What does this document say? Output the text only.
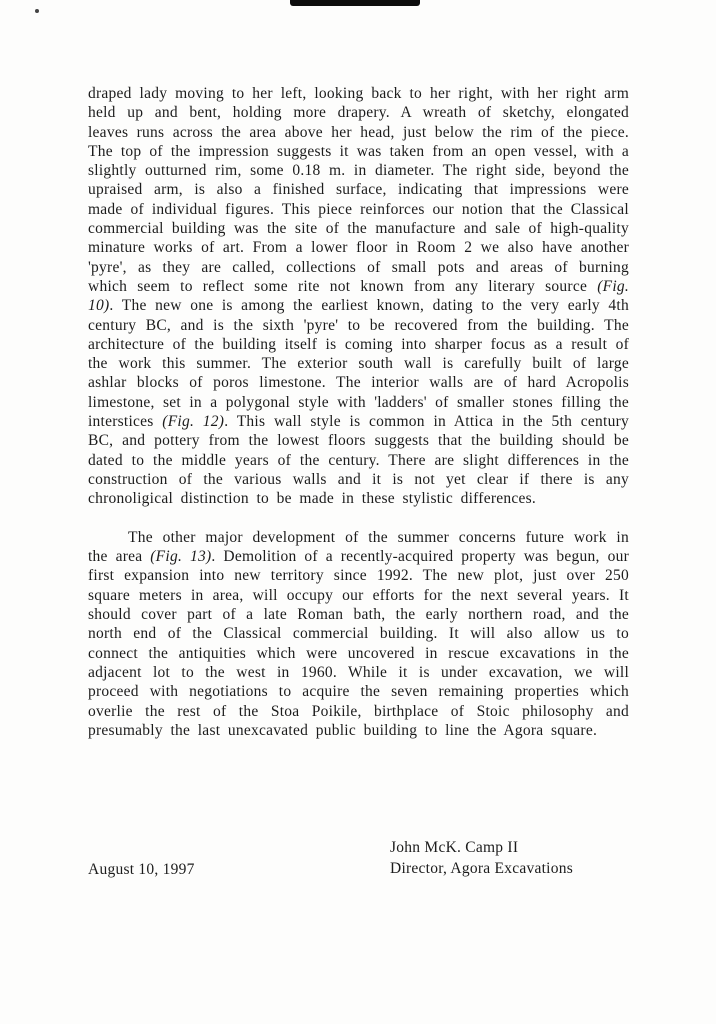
draped lady moving to her left, looking back to her right, with her right arm held up and bent, holding more drapery. A wreath of sketchy, elongated leaves runs across the area above her head, just below the rim of the piece. The top of the impression suggests it was taken from an open vessel, with a slightly outturned rim, some 0.18 m. in diameter. The right side, beyond the upraised arm, is also a finished surface, indicating that impressions were made of individual figures. This piece reinforces our notion that the Classical commercial building was the site of the manufacture and sale of high-quality minature works of art. From a lower floor in Room 2 we also have another 'pyre', as they are called, collections of small pots and areas of burning which seem to reflect some rite not known from any literary source (Fig. 10). The new one is among the earliest known, dating to the very early 4th century BC, and is the sixth 'pyre' to be recovered from the building. The architecture of the building itself is coming into sharper focus as a result of the work this summer. The exterior south wall is carefully built of large ashlar blocks of poros limestone. The interior walls are of hard Acropolis limestone, set in a polygonal style with 'ladders' of smaller stones filling the interstices (Fig. 12). This wall style is common in Attica in the 5th century BC, and pottery from the lowest floors suggests that the building should be dated to the middle years of the century. There are slight differences in the construction of the various walls and it is not yet clear if there is any chronoligical distinction to be made in these stylistic differences.

The other major development of the summer concerns future work in the area (Fig. 13). Demolition of a recently-acquired property was begun, our first expansion into new territory since 1992. The new plot, just over 250 square meters in area, will occupy our efforts for the next several years. It should cover part of a late Roman bath, the early northern road, and the north end of the Classical commercial building. It will also allow us to connect the antiquities which were uncovered in rescue excavations in the adjacent lot to the west in 1960. While it is under excavation, we will proceed with negotiations to acquire the seven remaining properties which overlie the rest of the Stoa Poikile, birthplace of Stoic philosophy and presumably the last unexcavated public building to line the Agora square.

August 10, 1997
John McK. Camp II
Director, Agora Excavations
